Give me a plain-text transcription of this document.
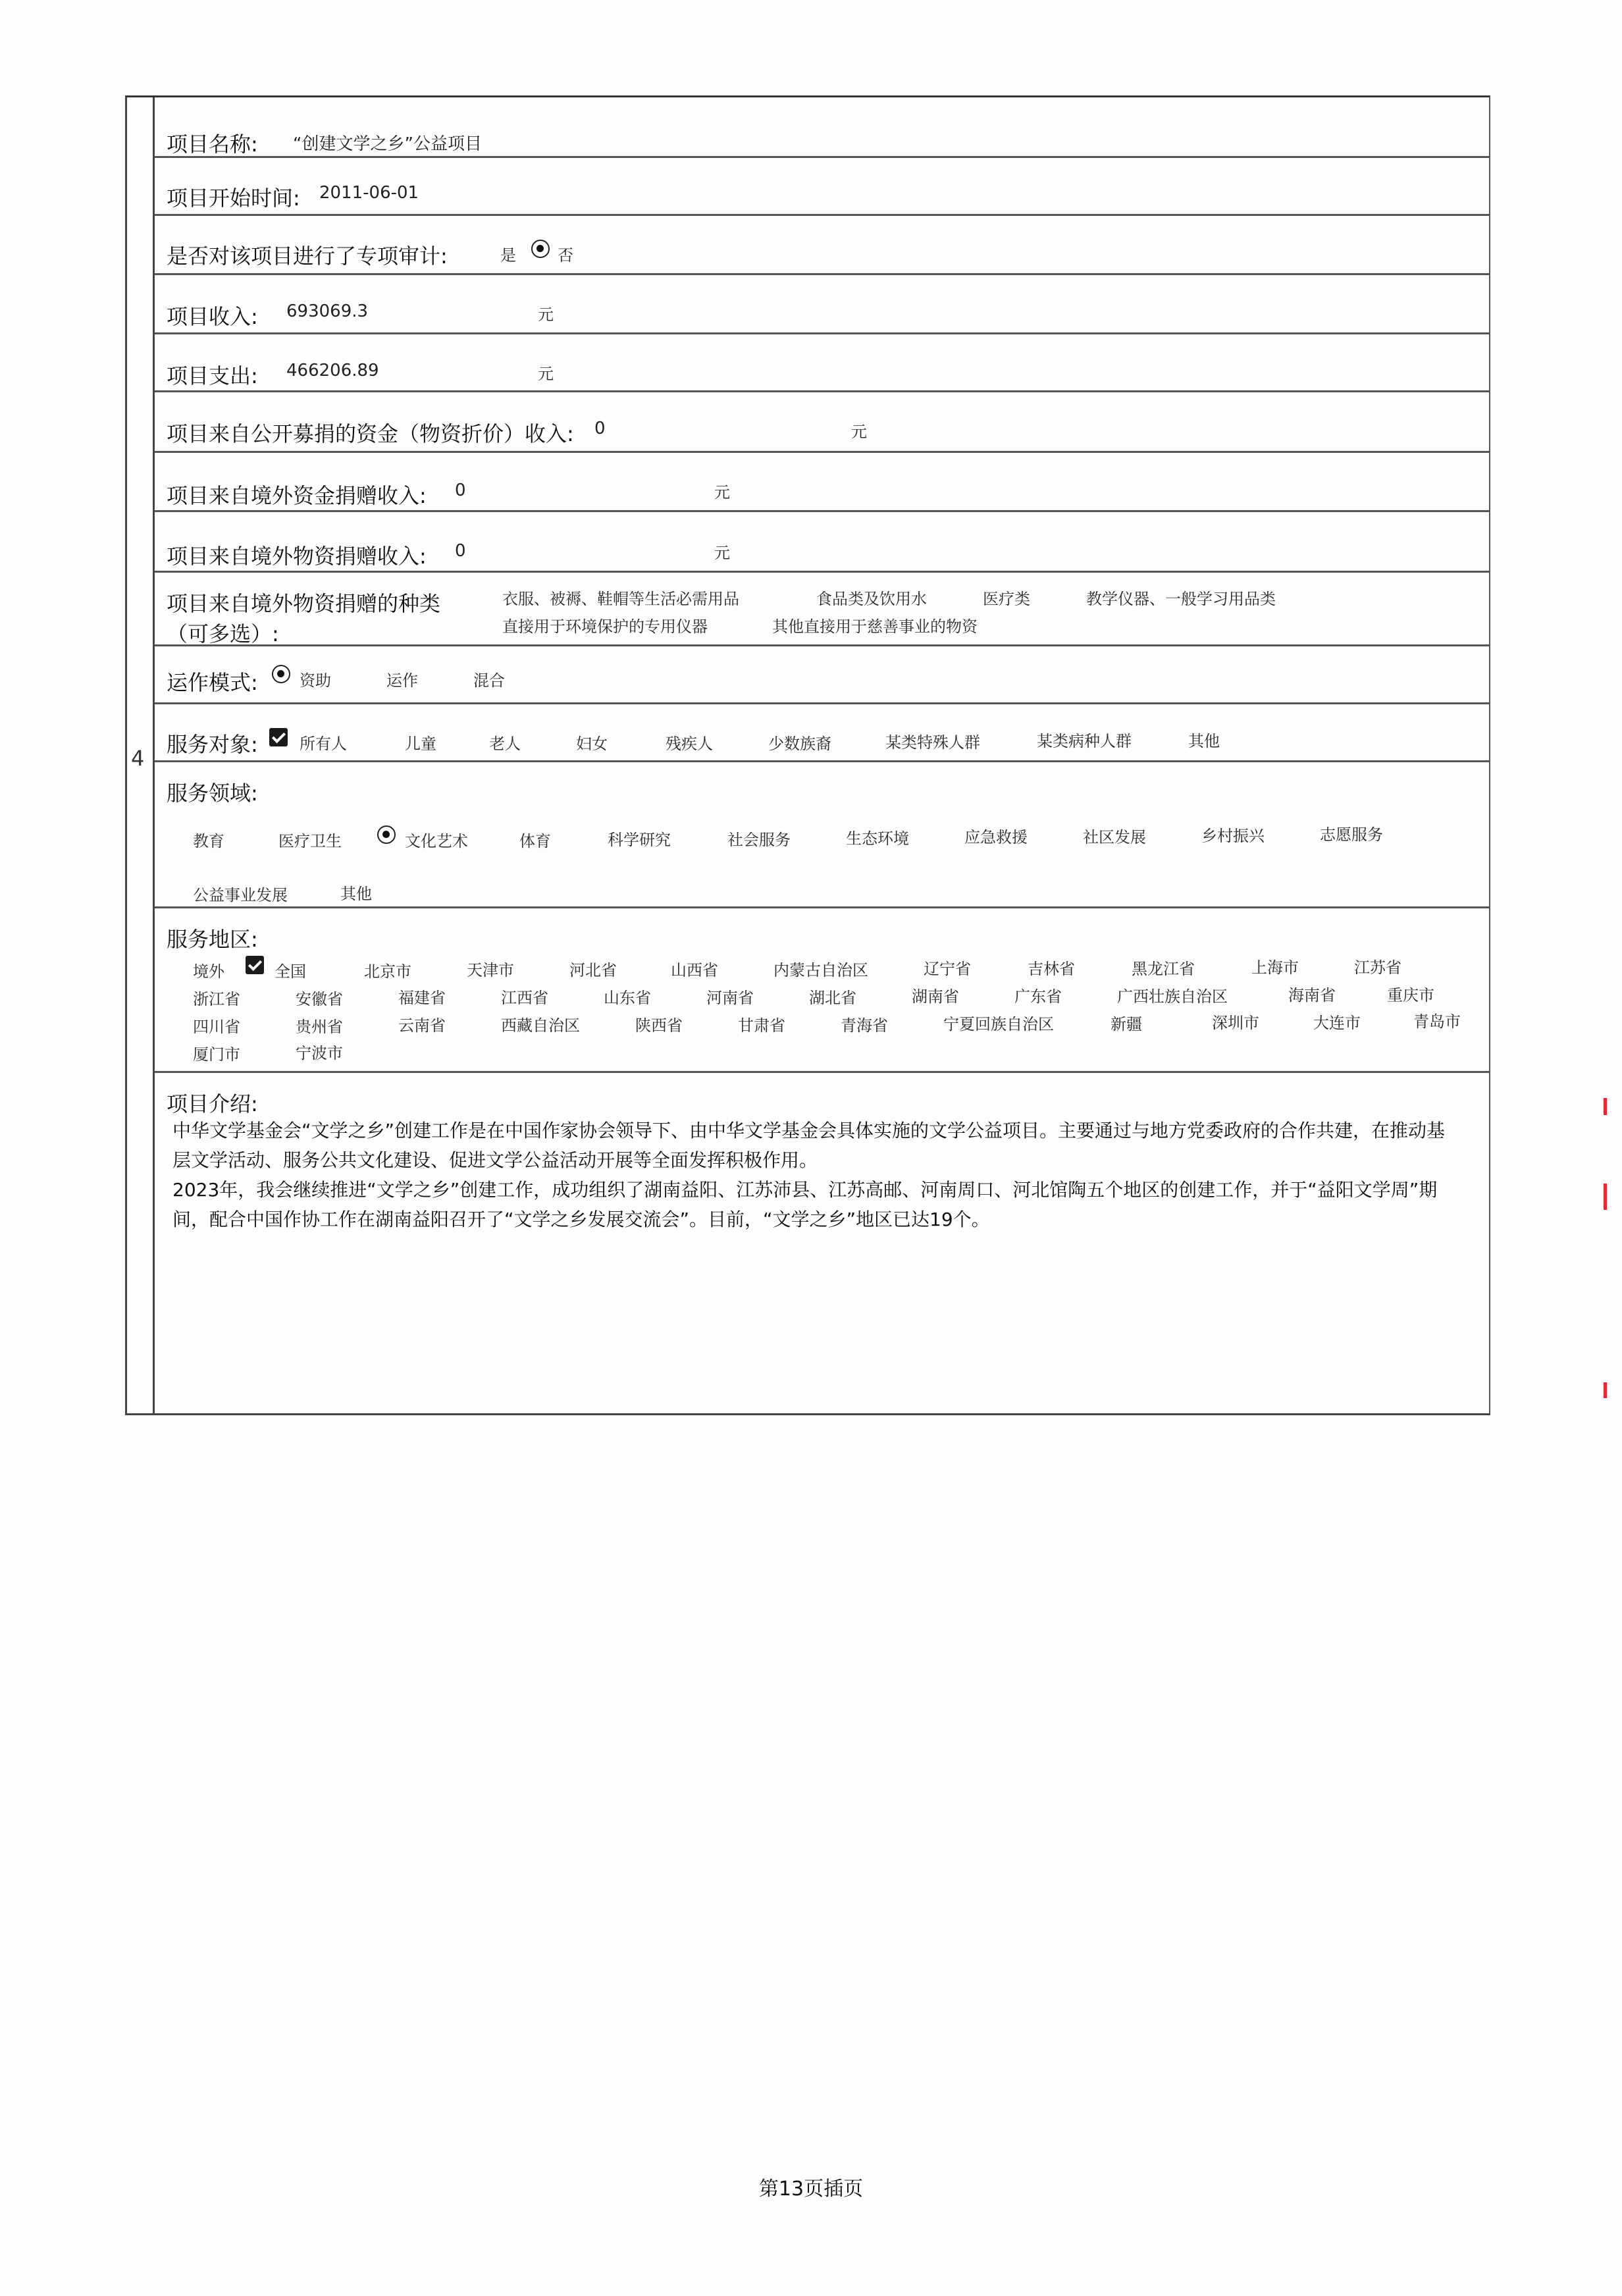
4
项目名称: “创建文学之乡”公益项目
项目开始时间: 2011-06-01
是否对该项目进行了专项审计:	是	否
项目收入: 693069.3	元
项目支出: 466206.89	元
项目来自公开募捐的资金（物资折价）收入: 0	元
项目来自境外资金捐赠收入: 0	元
项目来自境外物资捐赠收入: 0	元
项目来自境外物资捐赠的种类
（可多选）:
衣服、被褥、鞋帽等生活必需用品	食品类及饮用水	医疗类	教学仪器、一般学习用品类
直接用于环境保护的专用仪器	其他直接用于慈善事业的物资
运作模式:	资助	运作	混合
服务对象:	所有人	儿童	老人	妇女	残疾人	少数族裔	某类特殊人群	某类病种人群	其他
服务领域:
教育	医疗卫生	文化艺术	体育	科学研究	社会服务	生态环境	应急救援	社区发展	乡村振兴	志愿服务
公益事业发展	其他
服务地区:
境外	全国	北京市	天津市	河北省	山西省	内蒙古自治区	辽宁省	吉林省	黑龙江省	上海市	江苏省
浙江省	安徽省	福建省	江西省	山东省	河南省	湖北省	湖南省	广东省	广西壮族自治区	海南省	重庆市
四川省	贵州省	云南省	西藏自治区	陕西省	甘肃省	青海省	宁夏回族自治区	新疆	深圳市	大连市	青岛市
厦门市	宁波市
项目介绍:

中华文学基金会“文学之乡”创建工作是在中国作家协会领导下、由中华文学基金会具体实施的文学公益项目。主要通过与地方党委政府的合作共建，在推动基层文学活动、服务公共文化建设、促进文学公益活动开展等全面发挥积极作用。

2023年，我会继续推进“文学之乡”创建工作，成功组织了湖南益阳、江苏沛县、江苏高邮、河南周口、河北馆陶五个地区的创建工作，并于“益阳文学周”期间，配合中国作协工作在湖南益阳召开了“文学之乡发展交流会”。目前，“文学之乡”地区已达19个。

第13页插页
